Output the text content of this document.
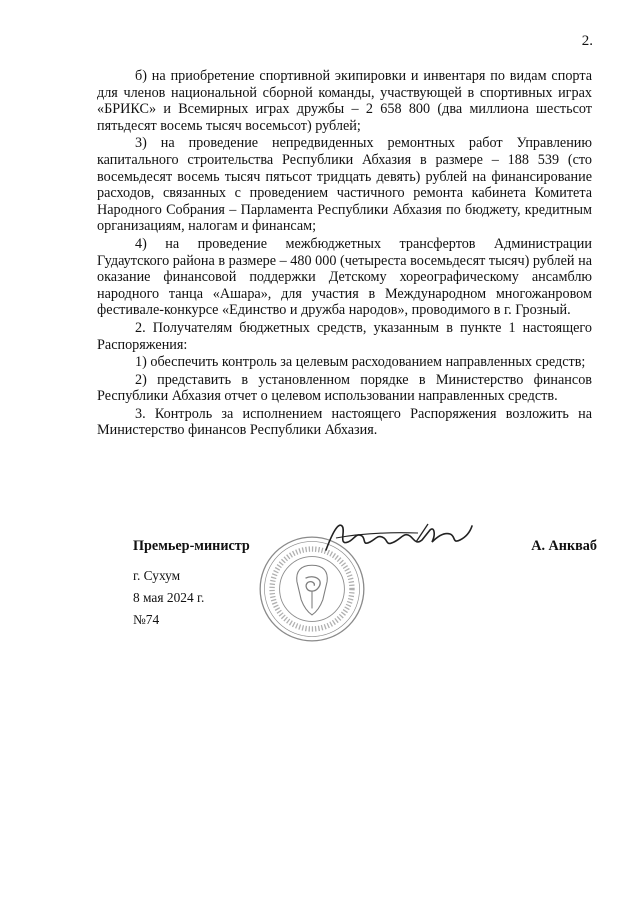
2.

б) на приобретение спортивной экипировки и инвентаря по видам спорта для членов национальной сборной команды, участвующей в спортивных играх «БРИКС» и Всемирных играх дружбы – 2 658 800 (два миллиона шестьсот пятьдесят восемь тысяч восемьсот) рублей;

3) на проведение непредвиденных ремонтных работ Управлению капитального строительства Республики Абхазия в размере – 188 539 (сто восемьдесят восемь тысяч пятьсот тридцать девять) рублей на финансирование расходов, связанных с проведением частичного ремонта кабинета Комитета Народного Собрания – Парламента Республики Абхазия по бюджету, кредитным организациям, налогам и финансам;

4) на проведение межбюджетных трансфертов Администрации Гудаутского района в размере – 480 000 (четыреста восемьдесят тысяч) рублей на оказание финансовой поддержки Детскому хореографическому ансамблю народного танца «Ашара», для участия в Международном многожанровом фестивале-конкурсе «Единство и дружба народов», проводимого в г. Грозный.

2. Получателям бюджетных средств, указанным в пункте 1 настоящего Распоряжения:

1) обеспечить контроль за целевым расходованием направленных средств;

2) представить в установленном порядке в Министерство финансов Республики Абхазия отчет о целевом использовании направленных средств.

3. Контроль за исполнением настоящего Распоряжения возложить на Министерство финансов Республики Абхазия.

Премьер-министр	А. Анкваб
г. Сухум
8 мая 2024 г.
№74
